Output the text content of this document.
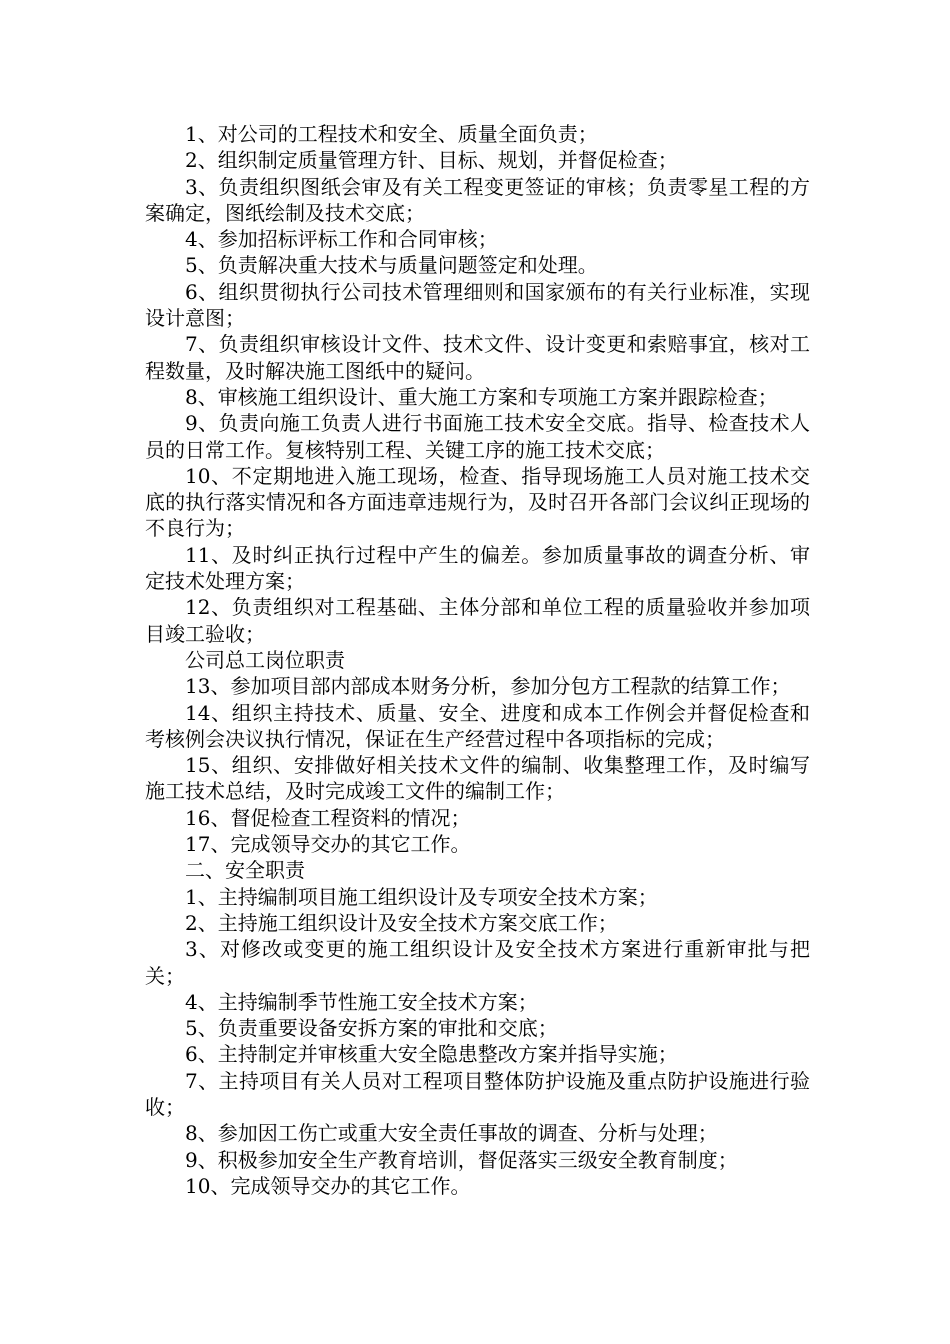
1、对公司的工程技术和安全、质量全面负责；

2、组织制定质量管理方针、目标、规划，并督促检查；

3、负责组织图纸会审及有关工程变更签证的审核；负责零星工程的方案确定，图纸绘制及技术交底；

4、参加招标评标工作和合同审核；

5、负责解决重大技术与质量问题签定和处理。

6、组织贯彻执行公司技术管理细则和国家颁布的有关行业标准，实现设计意图；

7、负责组织审核设计文件、技术文件、设计变更和索赔事宜，核对工程数量，及时解决施工图纸中的疑问。

8、审核施工组织设计、重大施工方案和专项施工方案并跟踪检查；

9、负责向施工负责人进行书面施工技术安全交底。指导、检查技术人员的日常工作。复核特别工程、关键工序的施工技术交底；

10、不定期地进入施工现场，检查、指导现场施工人员对施工技术交底的执行落实情况和各方面违章违规行为，及时召开各部门会议纠正现场的不良行为；

11、及时纠正执行过程中产生的偏差。参加质量事故的调查分析、审定技术处理方案；

12、负责组织对工程基础、主体分部和单位工程的质量验收并参加项目竣工验收；

公司总工岗位职责

13、参加项目部内部成本财务分析，参加分包方工程款的结算工作；

14、组织主持技术、质量、安全、进度和成本工作例会并督促检查和考核例会决议执行情况，保证在生产经营过程中各项指标的完成；

15、组织、安排做好相关技术文件的编制、收集整理工作，及时编写施工技术总结，及时完成竣工文件的编制工作；

16、督促检查工程资料的情况；

17、完成领导交办的其它工作。

二、安全职责

1、主持编制项目施工组织设计及专项安全技术方案；

2、主持施工组织设计及安全技术方案交底工作；

3、对修改或变更的施工组织设计及安全技术方案进行重新审批与把关；

4、主持编制季节性施工安全技术方案；

5、负责重要设备安拆方案的审批和交底；

6、主持制定并审核重大安全隐患整改方案并指导实施；

7、主持项目有关人员对工程项目整体防护设施及重点防护设施进行验收；

8、参加因工伤亡或重大安全责任事故的调查、分析与处理；

9、积极参加安全生产教育培训，督促落实三级安全教育制度；

10、完成领导交办的其它工作。
